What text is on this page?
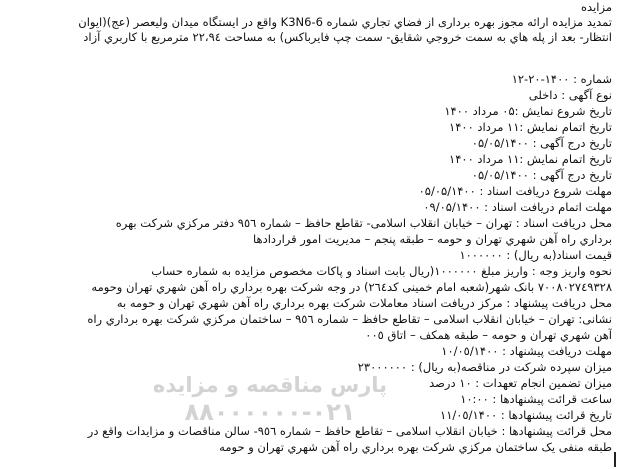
مزایده

تمدید مزایده ارائه مجوز بهره برداری از فضاي تجاري شماره K3N6-6 واقع در ایستگاه میدان ولیعصر (عج)(ایوان

انتظار- بعد از پله هاي به سمت خروجي شقایق- سمت چپ فایرباکس) به مساحت ٢٢،٩٤ مترمربع با کاربري آزاد

شماره : ١۴٠٠-٢٠-١٢

نوع آگهی : داخلی

تاریخ شروع نمایش :۰۵ مرداد ١۴٠٠

تاریخ اتمام نمایش :١١ مرداد ١۴٠٠

تاریخ درج آگهی : ۰۵/۰۵/١۴٠٠

تاریخ اتمام نمایش :١١ مرداد ١۴٠٠

تاریخ درج آگهی : ۰۵/۰۵/١۴٠٠

مهلت شروع دریافت اسناد : ۰۵/۰۵/١۴٠٠

مهلت اتمام دریافت اسناد : ۰۹/۰۵/١۴٠٠

محل دریافت اسناد : تهران – خیابان انقلاب اسلامی- تقاطع حافظ – شماره ٩٥٦ دفتر مرکزي شرکت بهره

برداري راه آهن شهري تهران و حومه – طبقه پنجم – مدیریت امور قراردادها

قیمت اسناد(به ریال) : ۱۰۰۰۰۰۰

نحوه واریز وجه : واریز مبلغ ۱۰۰۰۰۰۰(ریال بابت اسناد و پاکات مخصوص مزایده به شماره حساب

٧٠٠٨٠٢٧٤٩٣٢٨ بانک شهر(شعبه امام خمینی کد٢٦٤) در وجه شرکت بهره برداري راه آهن شهري تهران وحومه

محل دریافت پیشنهاد : مرکز دریافت اسناد معاملات شرکت بهره برداري راه آهن شهري تهران و حومه به

نشانی: تهران – خیابان انقلاب اسلامی – تقاطع حافظ – شماره ٩٥٦ – ساختمان مرکزي شرکت بهره برداري راه

آهن شهري تهران و حومه – طبقه همکف – اتاق ۰۰٥

مهلت دریافت پیشنهاد : ١۰/۰٥/١۴٠٠

میزان سپرده شرکت در مناقصه(به ریال) : ٢٣٠٠٠٠٠٠

میزان تضمین انجام تعهدات : ١۰ درصد

ساعت قرائت پیشنهادها : ١۰:۰۰

تاریخ قرائت پیشنهادها : ١١/۰٥/١۴٠٠

محل قرائت پیشنهادها : خیابان انقلاب اسلامی – تقاطع حافظ – شماره ٩٥٦- سالن مناقصات و مزایدات واقع در

طبقه منفی یک ساختمان مرکزي شرکت بهره برداري راه آهن شهري تهران و حومه

پارس مناقصه و مزایده
٠٢١-٨٨٠٠٠٠٠٠
